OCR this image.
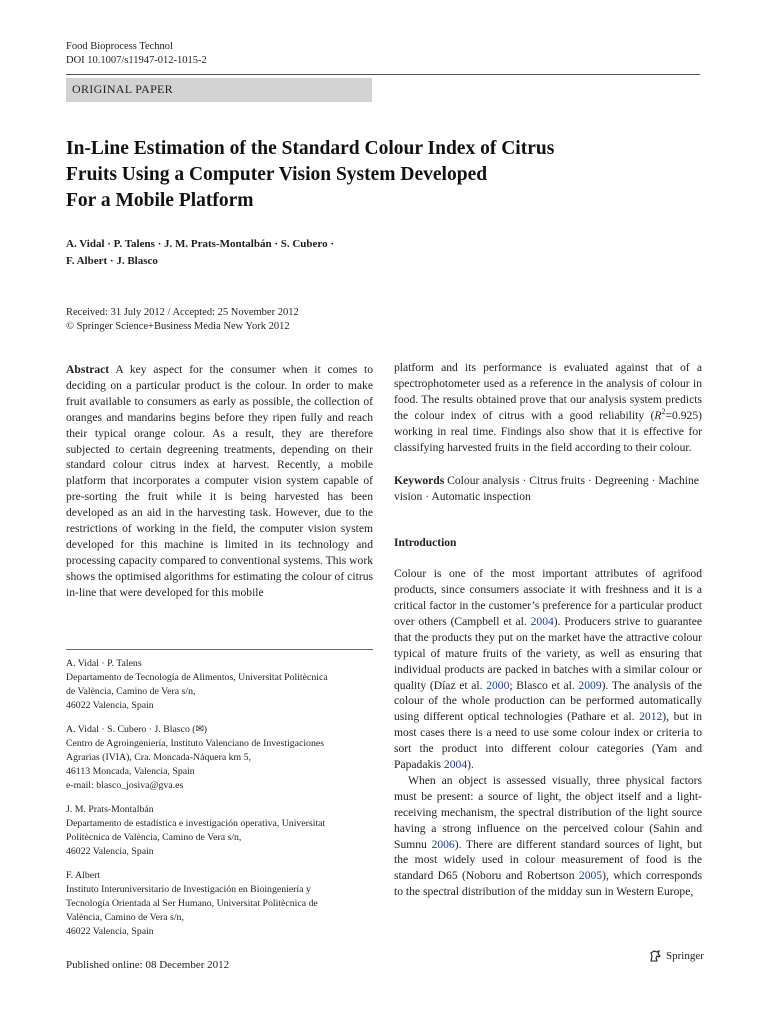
Food Bioprocess Technol
DOI 10.1007/s11947-012-1015-2
ORIGINAL PAPER
In-Line Estimation of the Standard Colour Index of Citrus
Fruits Using a Computer Vision System Developed
For a Mobile Platform
A. Vidal · P. Talens · J. M. Prats-Montalbán · S. Cubero ·
F. Albert · J. Blasco
Received: 31 July 2012 / Accepted: 25 November 2012
© Springer Science+Business Media New York 2012
Abstract A key aspect for the consumer when it comes to deciding on a particular product is the colour. In order to make fruit available to consumers as early as possible, the collection of oranges and mandarins begins before they ripen fully and reach their typical orange colour. As a result, they are therefore subjected to certain degreening treatments, depending on their standard colour citrus index at harvest. Recently, a mobile platform that incorporates a computer vision system capable of pre-sorting the fruit while it is being harvested has been developed as an aid in the harvesting task. However, due to the restrictions of working in the field, the computer vision system developed for this machine is limited in its technology and processing capacity compared to conventional systems. This work shows the optimised algorithms for estimating the colour of citrus in-line that were developed for this mobile
platform and its performance is evaluated against that of a spectrophotometer used as a reference in the analysis of colour in food. The results obtained prove that our analysis system predicts the colour index of citrus with a good reliability $(R^2=0.925)$ working in real time. Findings also show that it is effective for classifying harvested fruits in the field according to their colour.
Keywords Colour analysis · Citrus fruits · Degreening · Machine vision · Automatic inspection
Introduction
Colour is one of the most important attributes of agrifood products, since consumers associate it with freshness and it is a critical factor in the customer’s preference for a particular product over others (Campbell et al. 2004). Producers strive to guarantee that the products they put on the market have the attractive colour typical of mature fruits of the variety, as well as ensuring that individual products are packed in batches with a similar colour or quality (Díaz et al. 2000; Blasco et al. 2009). The analysis of the colour of the whole production can be performed automatically using different optical technologies (Pathare et al. 2012), but in most cases there is a need to use some colour index or criteria to sort the product into different colour categories (Yam and Papadakis 2004).
When an object is assessed visually, three physical factors must be present: a source of light, the object itself and a light-receiving mechanism, the spectral distribution of the light source having a strong influence on the perceived colour (Sahin and Sumnu 2006). There are different standard sources of light, but the most widely used in colour measurement of food is the standard D65 (Noboru and Robertson 2005), which corresponds to the spectral distribution of the midday sun in Western Europe,
A. Vidal · P. Talens
Departamento de Tecnología de Alimentos, Universitat Politècnica
de València, Camino de Vera s/n,
46022 Valencia, Spain
A. Vidal · S. Cubero · J. Blasco (✉)
Centro de Agroingeniería, Instituto Valenciano de Investigaciones
Agrarias (IVIA), Cra. Moncada-Náquera km 5,
46113 Moncada, Valencia, Spain
e-mail: blasco_josiva@gva.es
J. M. Prats-Montalbán
Departamento de estadística e investigación operativa, Universitat
Politècnica de València, Camino de Vera s/n,
46022 Valencia, Spain
F. Albert
Instituto Interuniversitario de Investigación en Bioingeniería y
Tecnología Orientada al Ser Humano, Universitat Politècnica de
València, Camino de Vera s/n,
46022 Valencia, Spain
Published online: 08 December 2012
Springer
